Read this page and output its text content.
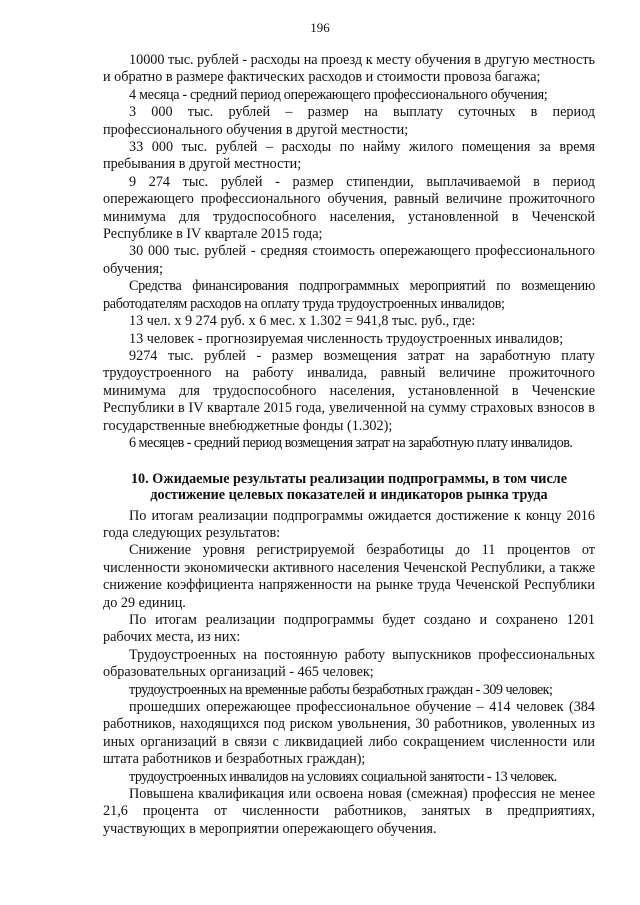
196

10000 тыс. рублей - расходы на проезд к месту обучения в другую местность и обратно в размере фактических расходов и стоимости провоза багажа;

4 месяца - средний период опережающего профессионального обучения;

3 000 тыс. рублей – размер на выплату суточных в период профессионального обучения в другой местности;

33 000 тыс. рублей – расходы по найму жилого помещения за время пребывания в другой местности;

9 274 тыс. рублей - размер стипендии, выплачиваемой в период опережающего профессионального обучения, равный величине прожиточного минимума для трудоспособного населения, установленной в Чеченской Республике в IV квартале 2015 года;

30 000 тыс. рублей - средняя стоимость опережающего профессионального обучения;

Средства финансирования подпрограммных мероприятий по возмещению работодателям расходов на оплату труда трудоустроенных инвалидов;

13 чел. х 9 274 руб. х 6 мес. х 1.302 = 941,8 тыс. руб., где:

13 человек - прогнозируемая численность трудоустроенных инвалидов;

9274 тыс. рублей - размер возмещения затрат на заработную плату трудоустроенного на работу инвалида, равный величине прожиточного минимума для трудоспособного населения, установленной в Чеченские Республики в IV квартале 2015 года, увеличенной на сумму страховых взносов в государственные внебюджетные фонды (1.302);

6 месяцев - средний период возмещения затрат на заработную плату инвалидов.

10. Ожидаемые результаты реализации подпрограммы, в том числе достижение целевых показателей и индикаторов рынка труда

По итогам реализации подпрограммы ожидается достижение к концу 2016 года следующих результатов:

Снижение уровня регистрируемой безработицы до 11 процентов от численности экономически активного населения Чеченской Республики, а также снижение коэффициента напряженности на рынке труда Чеченской Республики до 29 единиц.

По итогам реализации подпрограммы будет создано и сохранено 1201 рабочих места, из них:

Трудоустроенных на постоянную работу выпускников профессиональных образовательных организаций - 465 человек;

трудоустроенных на временные работы безработных граждан - 309 человек;

прошедших опережающее профессиональное обучение – 414 человек (384 работников, находящихся под риском увольнения, 30 работников, уволенных из иных организаций в связи с ликвидацией либо сокращением численности или штата работников и безработных граждан);

трудоустроенных инвалидов на условиях социальной занятости - 13 человек.

Повышена квалификация или освоена новая (смежная) профессия не менее 21,6 процента от численности работников, занятых в предприятиях, участвующих в мероприятии опережающего обучения.
